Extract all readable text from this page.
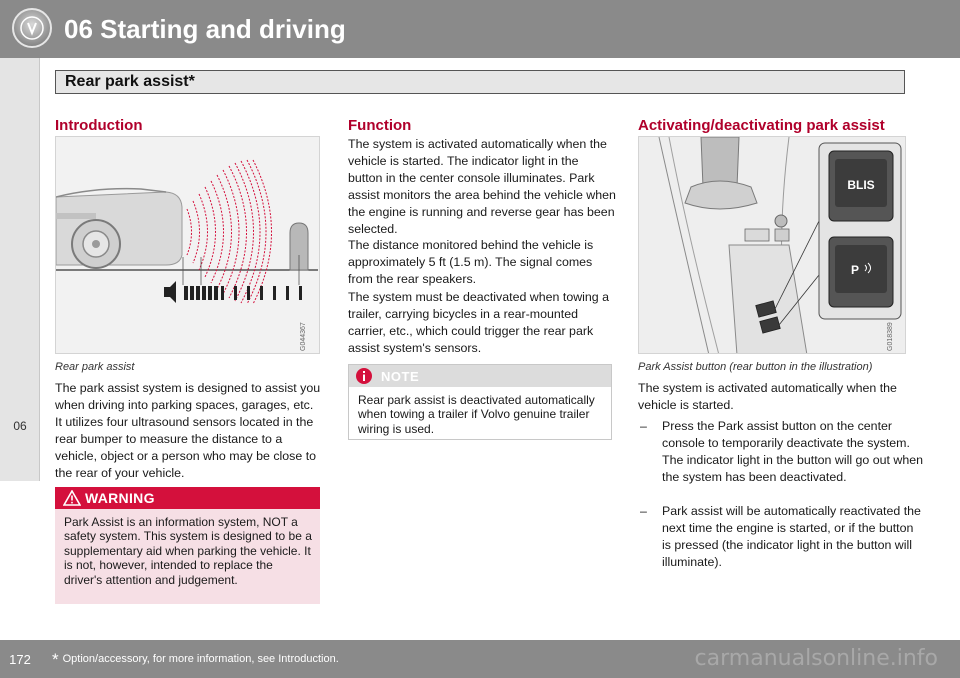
06 Starting and driving
06
Rear park assist*
Introduction
G044367
Rear park assist
The park assist system is designed to assist you when driving into parking spaces, garages, etc. It utilizes four ultrasound sensors located in the rear bumper to measure the distance to a vehicle, object or a person who may be close to the rear of your vehicle.
WARNING
Park Assist is an information system, NOT a safety system. This system is designed to be a supplementary aid when parking the vehicle. It is not, however, intended to replace the driver's attention and judgement.
Function
The system is activated automatically when the vehicle is started. The indicator light in the button in the center console illuminates. Park assist monitors the area behind the vehicle when the engine is running and reverse gear has been selected.
The distance monitored behind the vehicle is approximately 5 ft (1.5 m). The signal comes from the rear speakers.
The system must be deactivated when towing a trailer, carrying bicycles in a rear-mounted carrier, etc., which could trigger the rear park assist system's sensors.
NOTE
Rear park assist is deactivated automatically when towing a trailer if Volvo genuine trailer wiring is used.
Activating/deactivating park assist
BLIS
P
G018389
Park Assist button (rear button in the illustration)
The system is activated automatically when the vehicle is started.
– Press the Park assist button on the center console to temporarily deactivate the system. The indicator light in the button will go out when the system has been deactivated.
– Park assist will be automatically reactivated the next time the engine is started, or if the button is pressed (the indicator light in the button will illuminate).
172	* Option/accessory, for more information, see Introduction.	carmanualsonline.info
